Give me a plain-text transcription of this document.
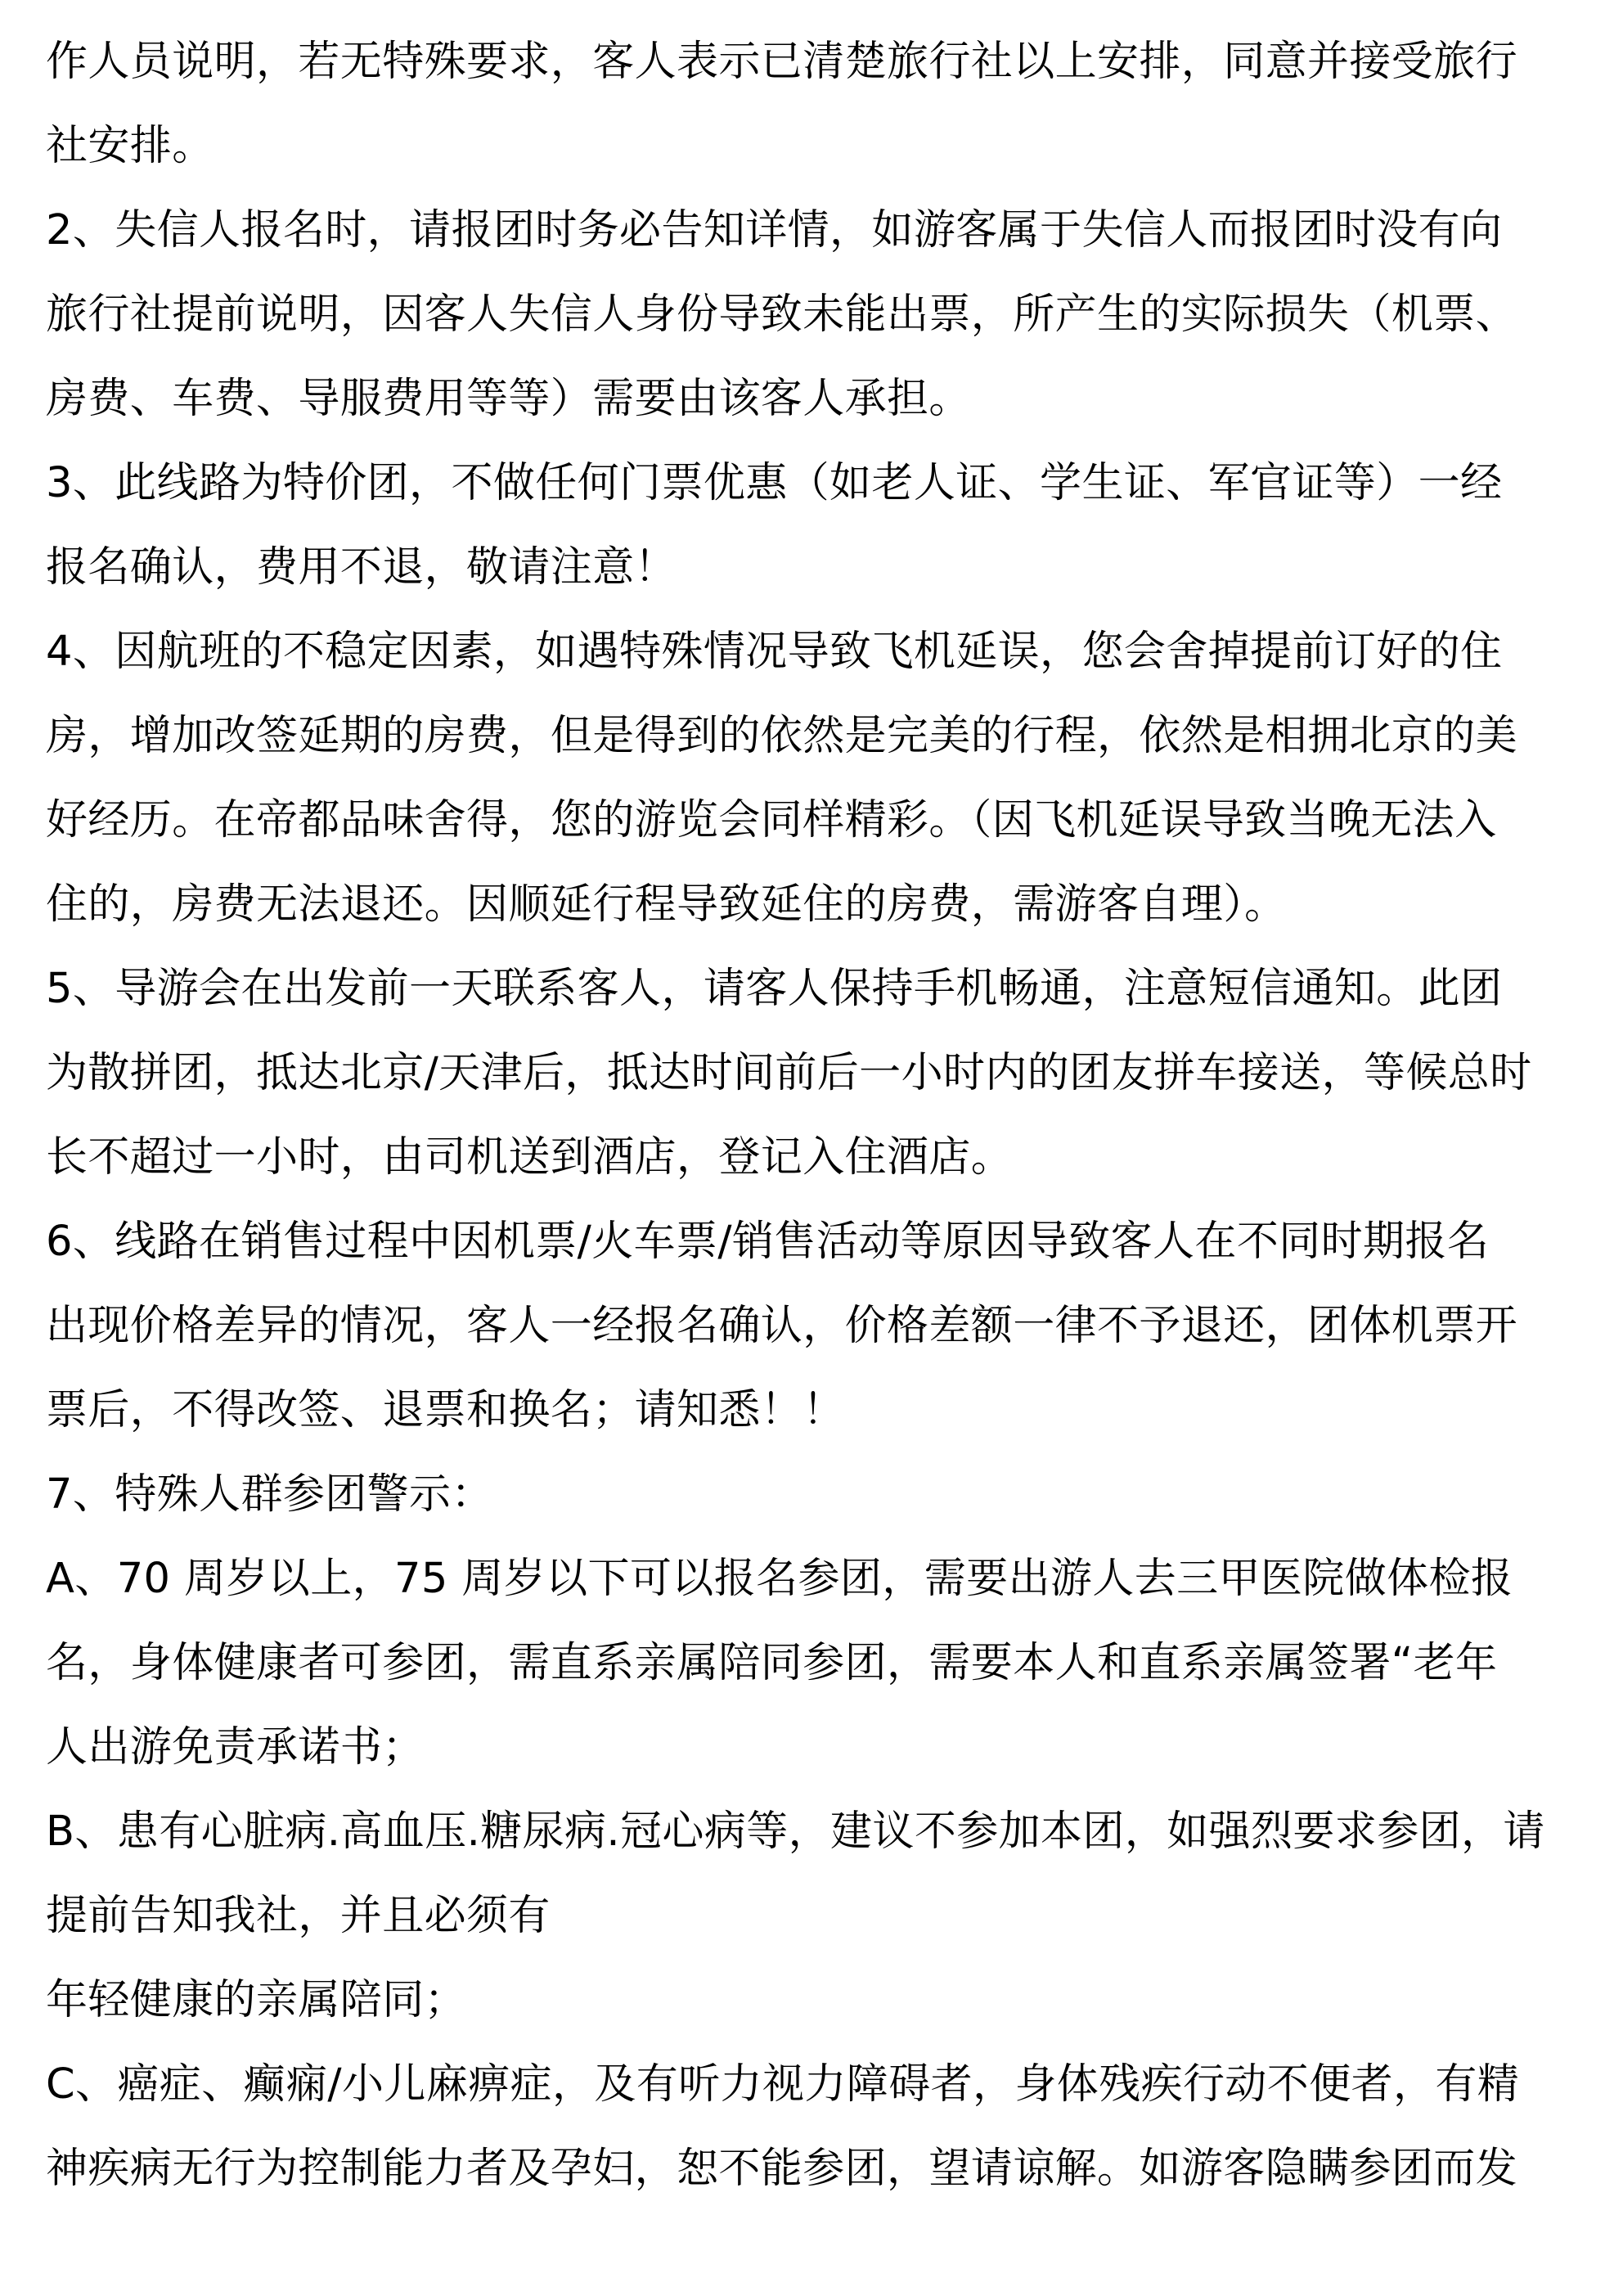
作人员说明，若无特殊要求，客人表示已清楚旅行社以上安排，同意并接受旅行
社安排。
2、失信人报名时，请报团时务必告知详情，如游客属于失信人而报团时没有向
旅行社提前说明，因客人失信人身份导致未能出票，所产生的实际损失（机票、
房费、车费、导服费用等等）需要由该客人承担。
3、此线路为特价团，不做任何门票优惠（如老人证、学生证、军官证等）一经
报名确认，费用不退，敬请注意！
4、因航班的不稳定因素，如遇特殊情况导致飞机延误，您会舍掉提前订好的住
房，增加改签延期的房费，但是得到的依然是完美的行程，依然是相拥北京的美
好经历。在帝都品味舍得，您的游览会同样精彩。（因飞机延误导致当晚无法入
住的，房费无法退还。因顺延行程导致延住的房费，需游客自理）。
5、导游会在出发前一天联系客人，请客人保持手机畅通，注意短信通知。此团
为散拼团，抵达北京/天津后，抵达时间前后一小时内的团友拼车接送，等候总时
长不超过一小时，由司机送到酒店，登记入住酒店。
6、线路在销售过程中因机票/火车票/销售活动等原因导致客人在不同时期报名
出现价格差异的情况，客人一经报名确认，价格差额一律不予退还，团体机票开
票后，不得改签、退票和换名；请知悉！！
7、特殊人群参团警示：
A、70 周岁以上，75 周岁以下可以报名参团，需要出游人去三甲医院做体检报
名，身体健康者可参团，需直系亲属陪同参团，需要本人和直系亲属签署“老年
人出游免责承诺书；
B、患有心脏病.高血压.糖尿病.冠心病等，建议不参加本团，如强烈要求参团，请
提前告知我社，并且必须有
年轻健康的亲属陪同；
C、癌症、癫痫/小儿麻痹症，及有听力视力障碍者，身体残疾行动不便者，有精
神疾病无行为控制能力者及孕妇，恕不能参团，望请谅解。如游客隐瞒参团而发
